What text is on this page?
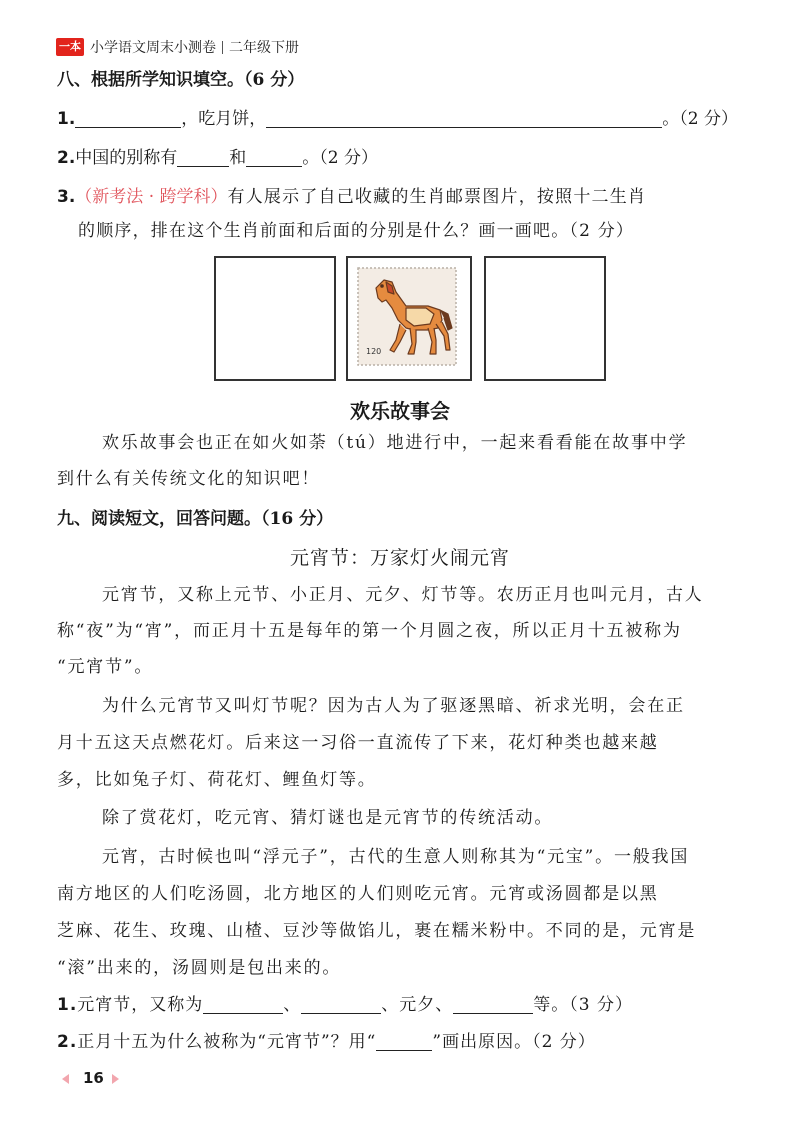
一本 小学语文周末小测卷 二年级下册
八、根据所学知识填空。（6 分）
1.	，吃月饼，	。（2 分）
2.中国的别称有	和	。（2 分）
3.（新考法 · 跨学科）有人展示了自己收藏的生肖邮票图片，按照十二生肖
的顺序，排在这个生肖前面和后面的分别是什么？画一画吧。（2 分）
120
欢乐故事会
欢乐故事会也正在如火如荼（tú）地进行中，一起来看看能在故事中学
到什么有关传统文化的知识吧！
九、阅读短文，回答问题。（16 分）
元宵节：万家灯火闹元宵
元宵节，又称上元节、小正月、元夕、灯节等。农历正月也叫元月，古人
称“夜”为“宵”，而正月十五是每年的第一个月圆之夜，所以正月十五被称为
“元宵节”。
为什么元宵节又叫灯节呢？因为古人为了驱逐黑暗、祈求光明，会在正
月十五这天点燃花灯。后来这一习俗一直流传了下来，花灯种类也越来越
多，比如兔子灯、荷花灯、鲤鱼灯等。
除了赏花灯，吃元宵、猜灯谜也是元宵节的传统活动。
元宵，古时候也叫“浮元子”，古代的生意人则称其为“元宝”。一般我国
南方地区的人们吃汤圆，北方地区的人们则吃元宵。元宵或汤圆都是以黑
芝麻、花生、玫瑰、山楂、豆沙等做馅儿，裹在糯米粉中。不同的是，元宵是
“滚”出来的，汤圆则是包出来的。
1.元宵节，又称为	、	、元夕、	等。（3 分）
2.正月十五为什么被称为“元宵节”？用“	”画出原因。（2 分）
16
